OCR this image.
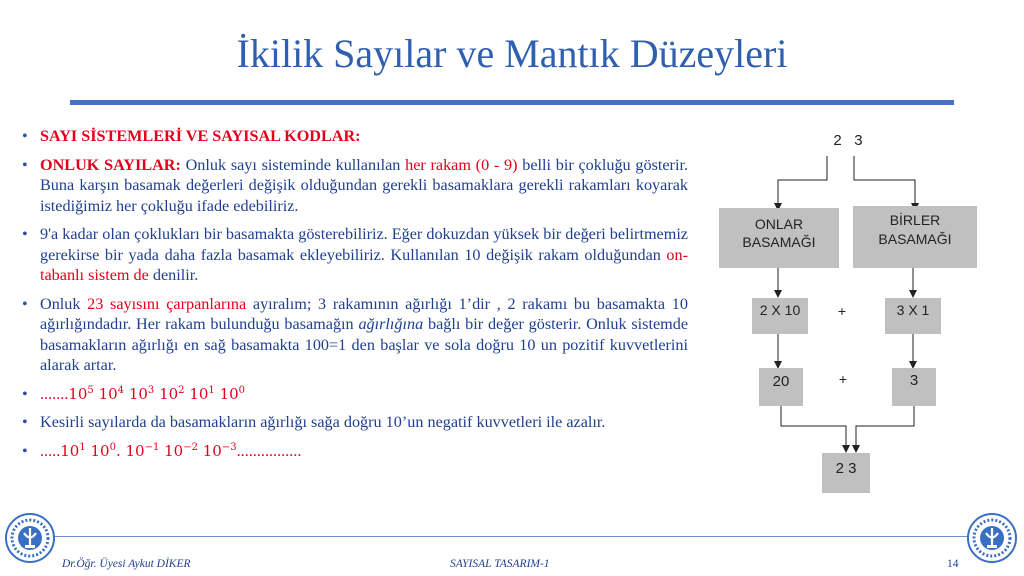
İkilik Sayılar ve Mantık Düzeyleri
• SAYI SİSTEMLERİ VE SAYISAL KODLAR:
• ONLUK SAYILAR: Onluk sayı sisteminde kullanılan her rakam (0 - 9) belli bir çokluğu gösterir. Buna karşın basamak değerleri değişik olduğundan gerekli basamaklara gerekli rakamları koyarak istediğimiz her çokluğu ifade edebiliriz.
• 9'a kadar olan çoklukları bir basamakta gösterebiliriz. Eğer dokuzdan yüksek bir değeri belirtmemiz gerekirse bir yada daha fazla basamak ekleyebiliriz. Kullanılan 10 değişik rakam olduğundan on-tabanlı sistem de denilir.
• Onluk 23 sayısını çarpanlarına ayıralım; 3 rakamının ağırlığı 1’dir , 2 rakamı bu basamakta 10 ağırlığındadır. Her rakam bulunduğu basamağın ağırlığına bağlı bir değer gösterir. Onluk sistemde basamakların ağırlığı en sağ basamakta 100=1 den başlar ve sola doğru 10 un pozitif kuvvetlerini alarak artar.
• .......10$^5$ $10^4$ $10^3$ $10^2$ $10^1$ $10^0$
• Kesirli sayılarda da basamakların ağırlığı sağa doğru 10’un negatif kuvvetleri ile azalır.
• .....10$^1$ $10^0$. $10^{-1}$ $10^{-2}$ $10^{-3}$................
2   3
ONLAR
BASAMAĞI
BİRLER
BASAMAĞI
2 X 10	+	3 X 1
20	+	3
2 3
Dr.Öğr. Üyesi Aykut DİKER	SAYISAL TASARIM-1	14
